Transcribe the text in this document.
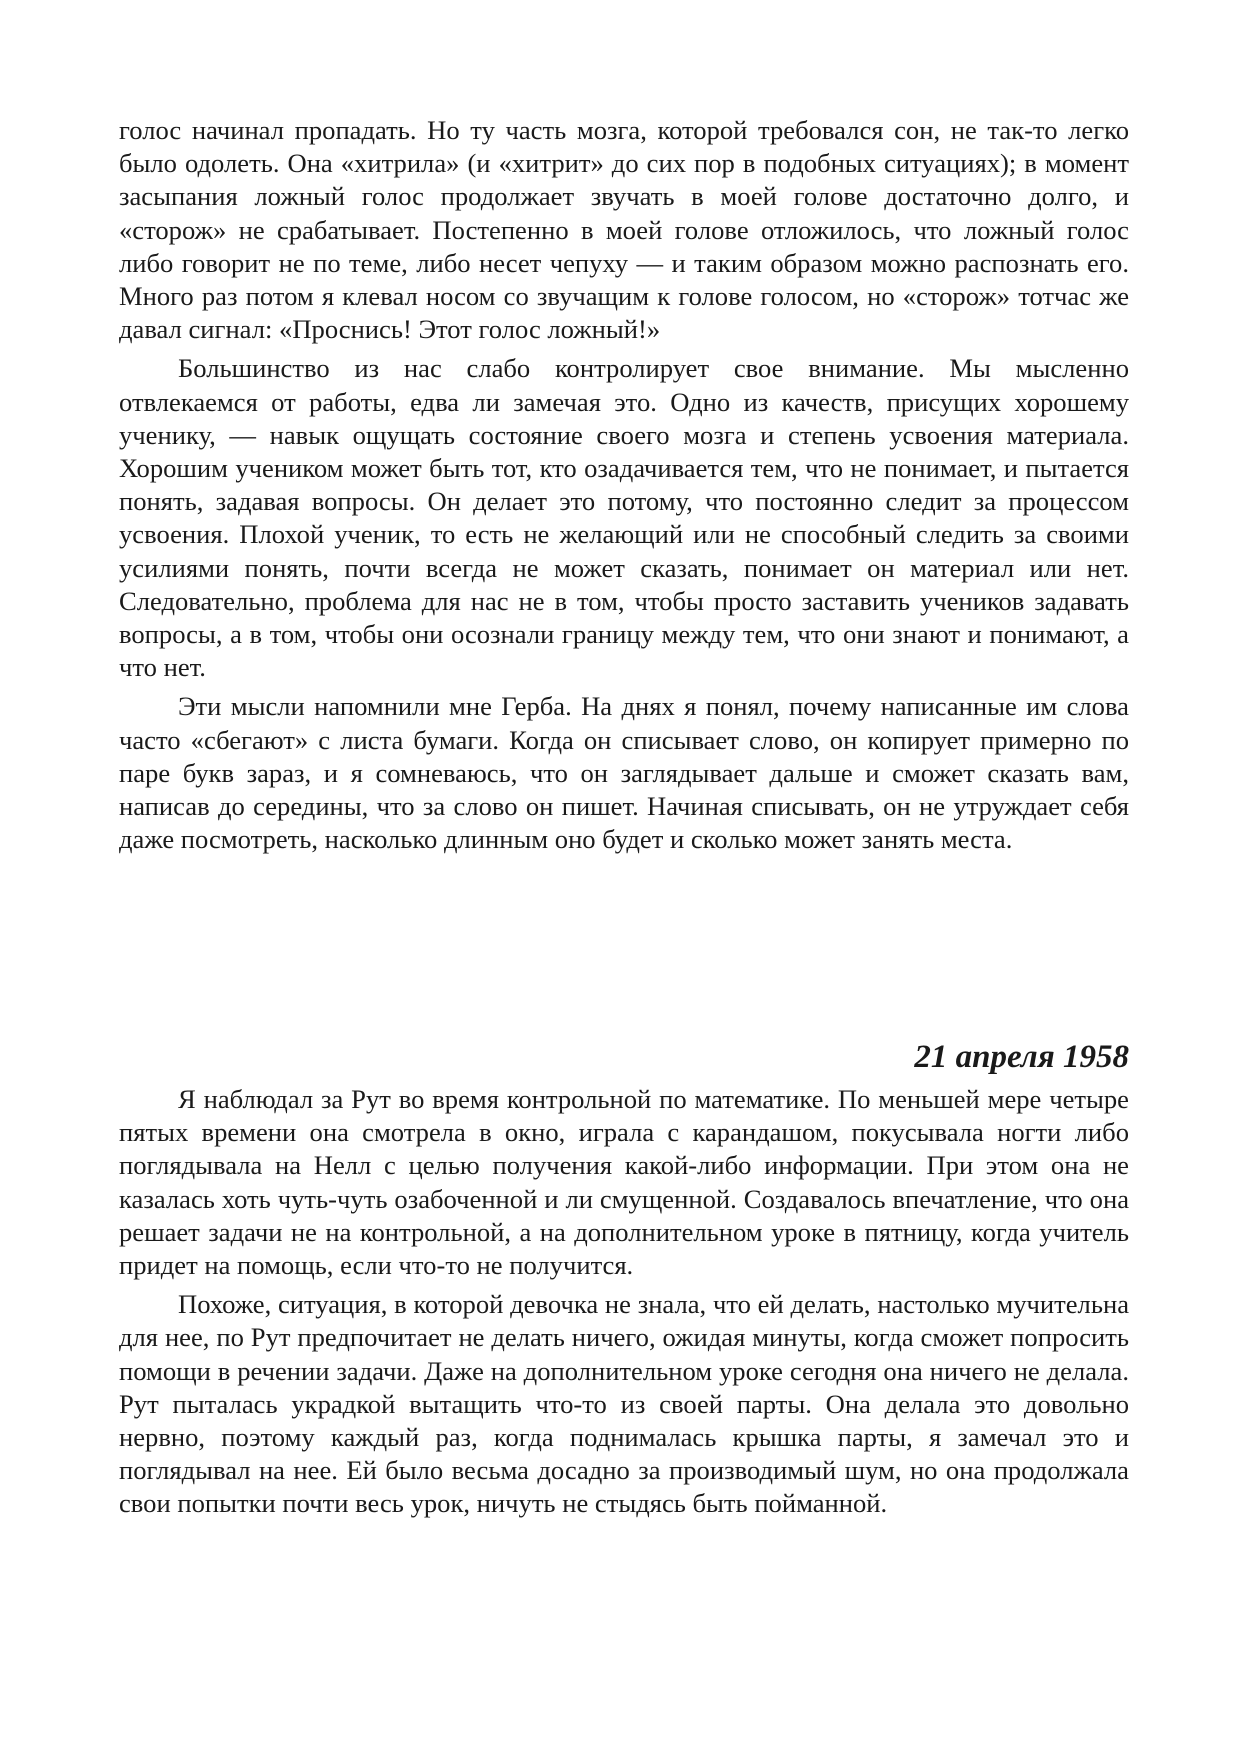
голос начинал пропадать. Но ту часть мозга, которой требовался сон, не так-то легко было одолеть. Она «хитрила» (и «хитрит» до сих пор в подобных ситуациях); в момент засыпания ложный голос продолжает звучать в моей голове достаточно долго, и «сторож» не срабатывает. Постепенно в моей голове отложилось, что ложный голос либо говорит не по теме, либо несет чепуху — и таким образом можно распознать его. Много раз потом я клевал носом со звучащим к голове голосом, но «сторож» тотчас же давал сигнал: «Проснись! Этот голос ложный!»

Большинство из нас слабо контролирует свое внимание. Мы мысленно отвлекаемся от работы, едва ли замечая это. Одно из качеств, присущих хорошему ученику, — навык ощущать состояние своего мозга и степень усвоения материала. Хорошим учеником может быть тот, кто озадачивается тем, что не понимает, и пытается понять, задавая вопросы. Он делает это потому, что постоянно следит за процессом усвоения. Плохой ученик, то есть не желающий или не способный следить за своими усилиями понять, почти всегда не может сказать, понимает он материал или нет. Следовательно, проблема для нас не в том, чтобы просто заставить учеников задавать вопросы, а в том, чтобы они осознали границу между тем, что они знают и понимают, а что нет.

Эти мысли напомнили мне Герба. На днях я понял, почему написанные им слова часто «сбегают» с листа бумаги. Когда он списывает слово, он копирует примерно по паре букв зараз, и я сомневаюсь, что он заглядывает дальше и сможет сказать вам, написав до середины, что за слово он пишет. Начиная списывать, он не утруждает себя даже посмотреть, насколько длинным оно будет и сколько может занять места.

21 апреля 1958

Я наблюдал за Рут во время контрольной по математике. По меньшей мере четыре пятых времени она смотрела в окно, играла с карандашом, покусывала ногти либо поглядывала на Нелл с целью получения какой-либо информации. При этом она не казалась хоть чуть-чуть озабоченной и ли смущенной. Создавалось впечатление, что она решает задачи не на контрольной, а на дополнительном уроке в пятницу, когда учитель придет на помощь, если что-то не получится.

Похоже, ситуация, в которой девочка не знала, что ей делать, настолько мучительна для нее, по Рут предпочитает не делать ничего, ожидая минуты, когда сможет попросить помощи в речении задачи. Даже на дополнительном уроке сегодня она ничего не делала. Рут пыталась украдкой вытащить что-то из своей парты. Она делала это довольно нервно, поэтому каждый раз, когда поднималась крышка парты, я замечал это и поглядывал на нее. Ей было весьма досадно за производимый шум, но она продолжала свои попытки почти весь урок, ничуть не стыдясь быть пойманной.
